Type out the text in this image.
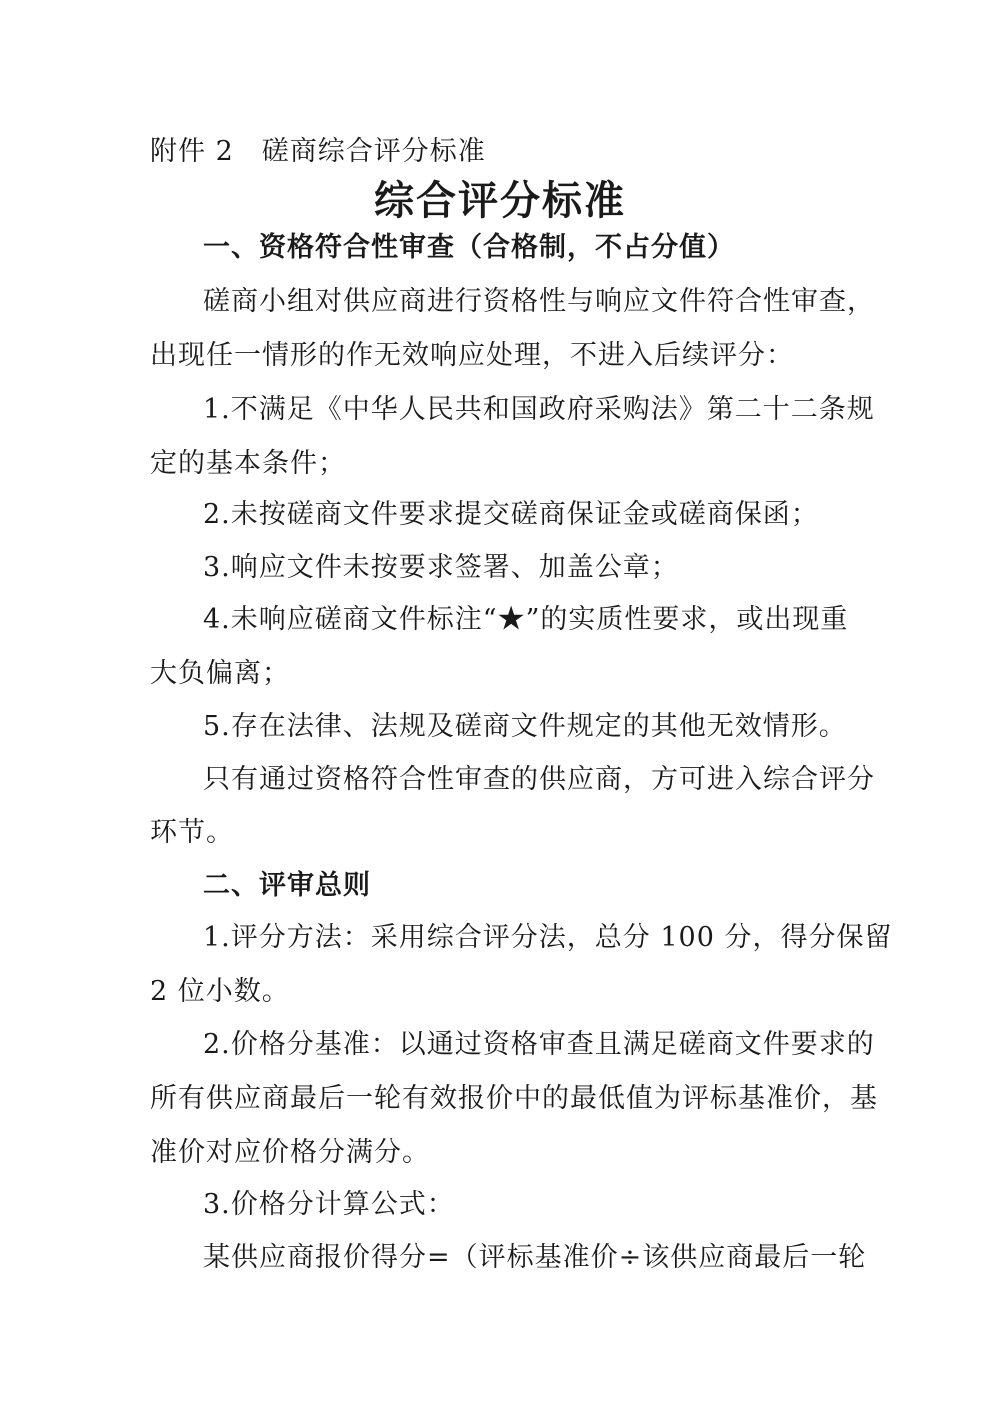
附件 2　磋商综合评分标准
综合评分标准
一、资格符合性审查（合格制，不占分值）
磋商小组对供应商进行资格性与响应文件符合性审查，
出现任一情形的作无效响应处理，不进入后续评分：
1.不满足《中华人民共和国政府采购法》第二十二条规
定的基本条件；
2.未按磋商文件要求提交磋商保证金或磋商保函；
3.响应文件未按要求签署、加盖公章；
4.未响应磋商文件标注“★”的实质性要求，或出现重
大负偏离；
5.存在法律、法规及磋商文件规定的其他无效情形。
只有通过资格符合性审查的供应商，方可进入综合评分
环节。
二、评审总则
1.评分方法：采用综合评分法，总分 100 分，得分保留
2 位小数。
2.价格分基准：以通过资格审查且满足磋商文件要求的
所有供应商最后一轮有效报价中的最低值为评标基准价，基
准价对应价格分满分。
3.价格分计算公式：
某供应商报价得分=（评标基准价÷该供应商最后一轮
